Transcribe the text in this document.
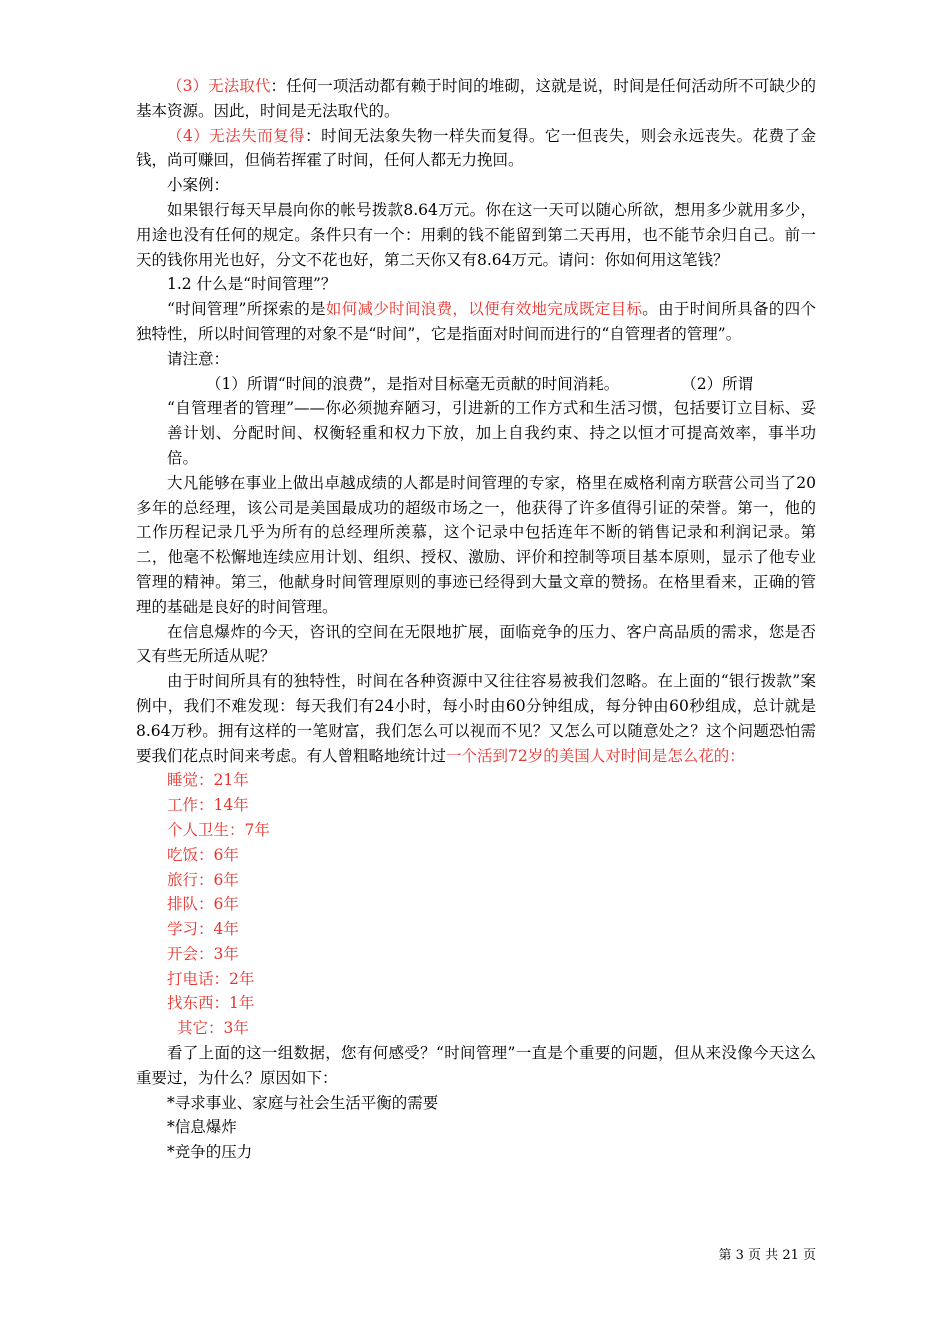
（3）无法取代：任何一项活动都有赖于时间的堆砌，这就是说，时间是任何活动所不可缺少的基本资源。因此，时间是无法取代的。

（4）无法失而复得：时间无法象失物一样失而复得。它一但丧失，则会永远丧失。花费了金钱，尚可赚回，但倘若挥霍了时间，任何人都无力挽回。

小案例：

如果银行每天早晨向你的帐号拨款8.64万元。你在这一天可以随心所欲，想用多少就用多少，用途也没有任何的规定。条件只有一个：用剩的钱不能留到第二天再用，也不能节余归自己。前一天的钱你用光也好，分文不花也好，第二天你又有8.64万元。请问：你如何用这笔钱？

1.2 什么是“时间管理”？

“时间管理”所探索的是如何减少时间浪费，以便有效地完成既定目标。由于时间所具备的四个独特性，所以时间管理的对象不是“时间”，它是指面对时间而进行的“自管理者的管理”。

请注意：

（1）所谓“时间的浪费”，是指对目标毫无贡献的时间消耗。	（2）所谓

“自管理者的管理”——你必须抛弃陋习，引进新的工作方式和生活习惯，包括要订立目标、妥善计划、分配时间、权衡轻重和权力下放，加上自我约束、持之以恒才可提高效率，事半功倍。

大凡能够在事业上做出卓越成绩的人都是时间管理的专家，格里在威格利南方联营公司当了20多年的总经理，该公司是美国最成功的超级市场之一，他获得了许多值得引证的荣誉。第一，他的工作历程记录几乎为所有的总经理所羡慕，这个记录中包括连年不断的销售记录和利润记录。第二，他毫不松懈地连续应用计划、组织、授权、激励、评价和控制等项目基本原则，显示了他专业管理的精神。第三，他献身时间管理原则的事迹已经得到大量文章的赞扬。在格里看来，正确的管理的基础是良好的时间管理。

在信息爆炸的今天，咨讯的空间在无限地扩展，面临竞争的压力、客户高品质的需求，您是否又有些无所适从呢？

由于时间所具有的独特性，时间在各种资源中又往往容易被我们忽略。在上面的“银行拨款”案例中，我们不难发现：每天我们有24小时，每小时由60分钟组成，每分钟由60秒组成，总计就是8.64万秒。拥有这样的一笔财富，我们怎么可以视而不见？又怎么可以随意处之？这个问题恐怕需要我们花点时间来考虑。有人曾粗略地统计过一个活到72岁的美国人对时间是怎么花的：

睡觉：21年

工作：14年

个人卫生：7年

吃饭：6年

旅行：6年

排队：6年

学习：4年

开会：3年

打电话：2年

找东西：1年

其它：3年

看了上面的这一组数据，您有何感受？“时间管理”一直是个重要的问题，但从来没像今天这么重要过，为什么？原因如下：

*寻求事业、家庭与社会生活平衡的需要

*信息爆炸

*竞争的压力

第 3 页 共 21 页
